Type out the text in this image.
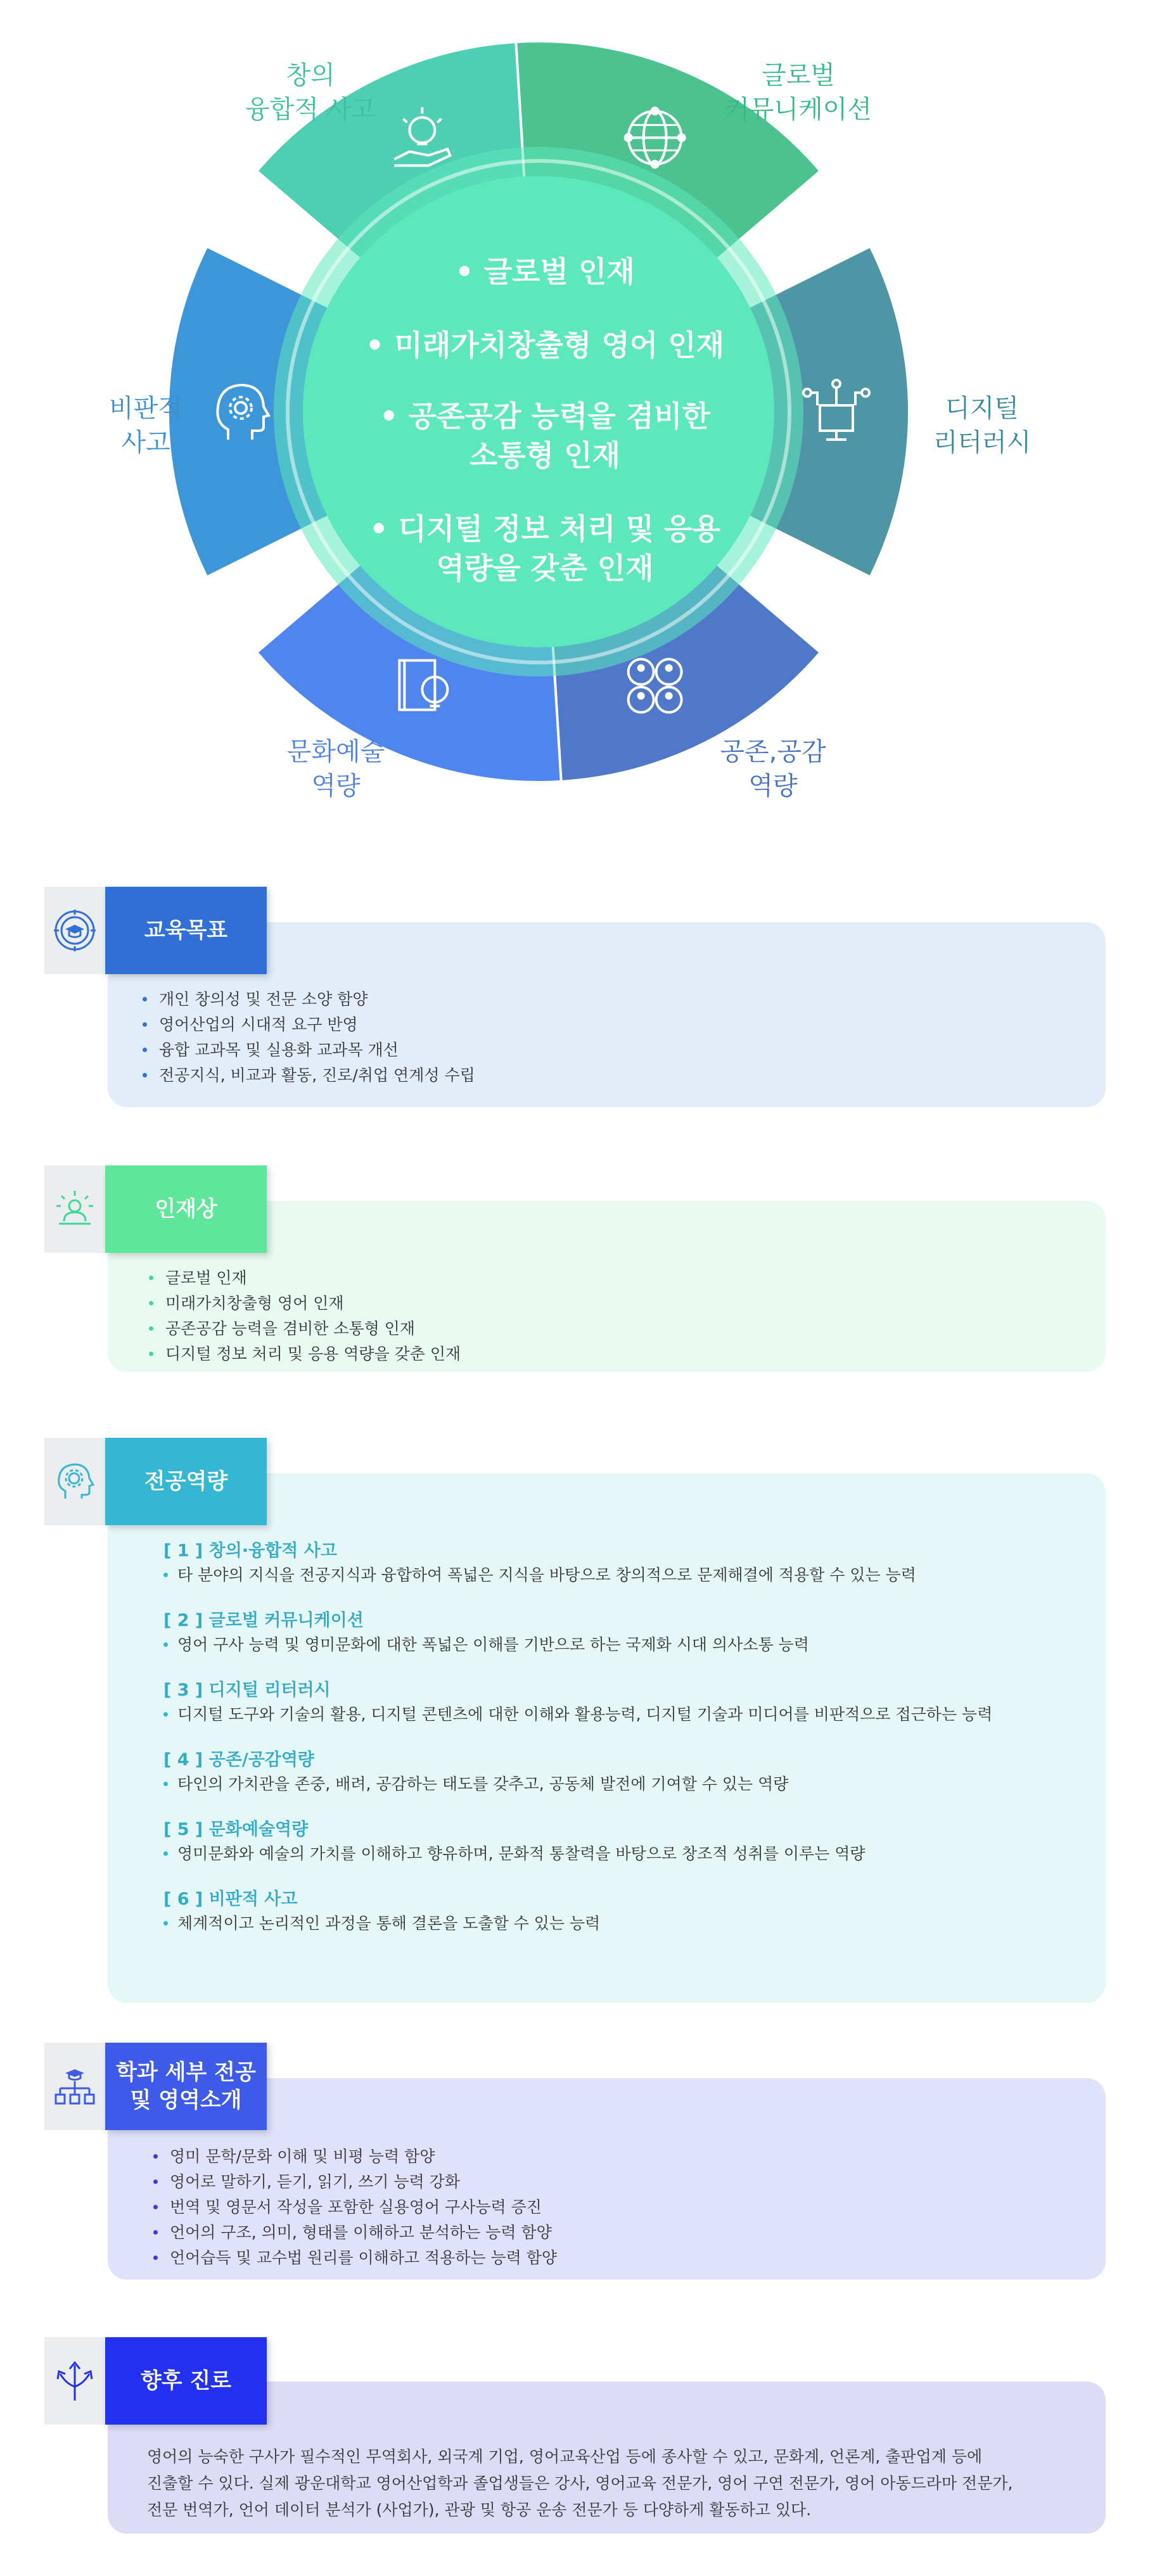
창의
융합적 사고
글로벌
커뮤니케이션
디지털
리터러시
공존,공감
역량
문화예술
역량
비판적
사고
• 글로벌 인재
• 미래가치창출형 영어 인재
• 공존공감 능력을 겸비한
소통형 인재
• 디지털 정보 처리 및 응용
역량을 갖춘 인재
교육목표
개인 창의성 및 전문 소양 함양
영어산업의 시대적 요구 반영
융합 교과목 및 실용화 교과목 개선
전공지식, 비교과 활동, 진로/취업 연계성 수립
인재상
글로벌 인재
미래가치창출형 영어 인재
공존공감 능력을 겸비한 소통형 인재
디지털 정보 처리 및 응용 역량을 갖춘 인재
전공역량
[ 1 ] 창의·융합적 사고
타 분야의 지식을 전공지식과 융합하여 폭넓은 지식을 바탕으로 창의적으로 문제해결에 적용할 수 있는 능력
[ 2 ] 글로벌 커뮤니케이션
영어 구사 능력 및 영미문화에 대한 폭넓은 이해를 기반으로 하는 국제화 시대 의사소통 능력
[ 3 ] 디지털 리터러시
디지털 도구와 기술의 활용, 디지털 콘텐츠에 대한 이해와 활용능력, 디지털 기술과 미디어를 비판적으로 접근하는 능력
[ 4 ] 공존/공감역량
타인의 가치관을 존중, 배려, 공감하는 태도를 갖추고, 공동체 발전에 기여할 수 있는 역량
[ 5 ] 문화예술역량
영미문화와 예술의 가치를 이해하고 향유하며, 문화적 통찰력을 바탕으로 창조적 성취를 이루는 역량
[ 6 ] 비판적 사고
체계적이고 논리적인 과정을 통해 결론을 도출할 수 있는 능력
학과 세부 전공
및 영역소개
영미 문학/문화 이해 및 비평 능력 함양
영어로 말하기, 듣기, 읽기, 쓰기 능력 강화
번역 및 영문서 작성을 포함한 실용영어 구사능력 증진
언어의 구조, 의미, 형태를 이해하고 분석하는 능력 함양
언어습득 및 교수법 원리를 이해하고 적용하는 능력 함양
향후 진로
영어의 능숙한 구사가 필수적인 무역회사, 외국계 기업, 영어교육산업 등에 종사할 수 있고, 문화계, 언론계, 출판업계 등에
진출할 수 있다. 실제 광운대학교 영어산업학과 졸업생들은 강사, 영어교육 전문가, 영어 구연 전문가, 영어 아동드라마 전문가,
전문 번역가, 언어 데이터 분석가 (사업가), 관광 및 항공 운송 전문가 등 다양하게 활동하고 있다.
